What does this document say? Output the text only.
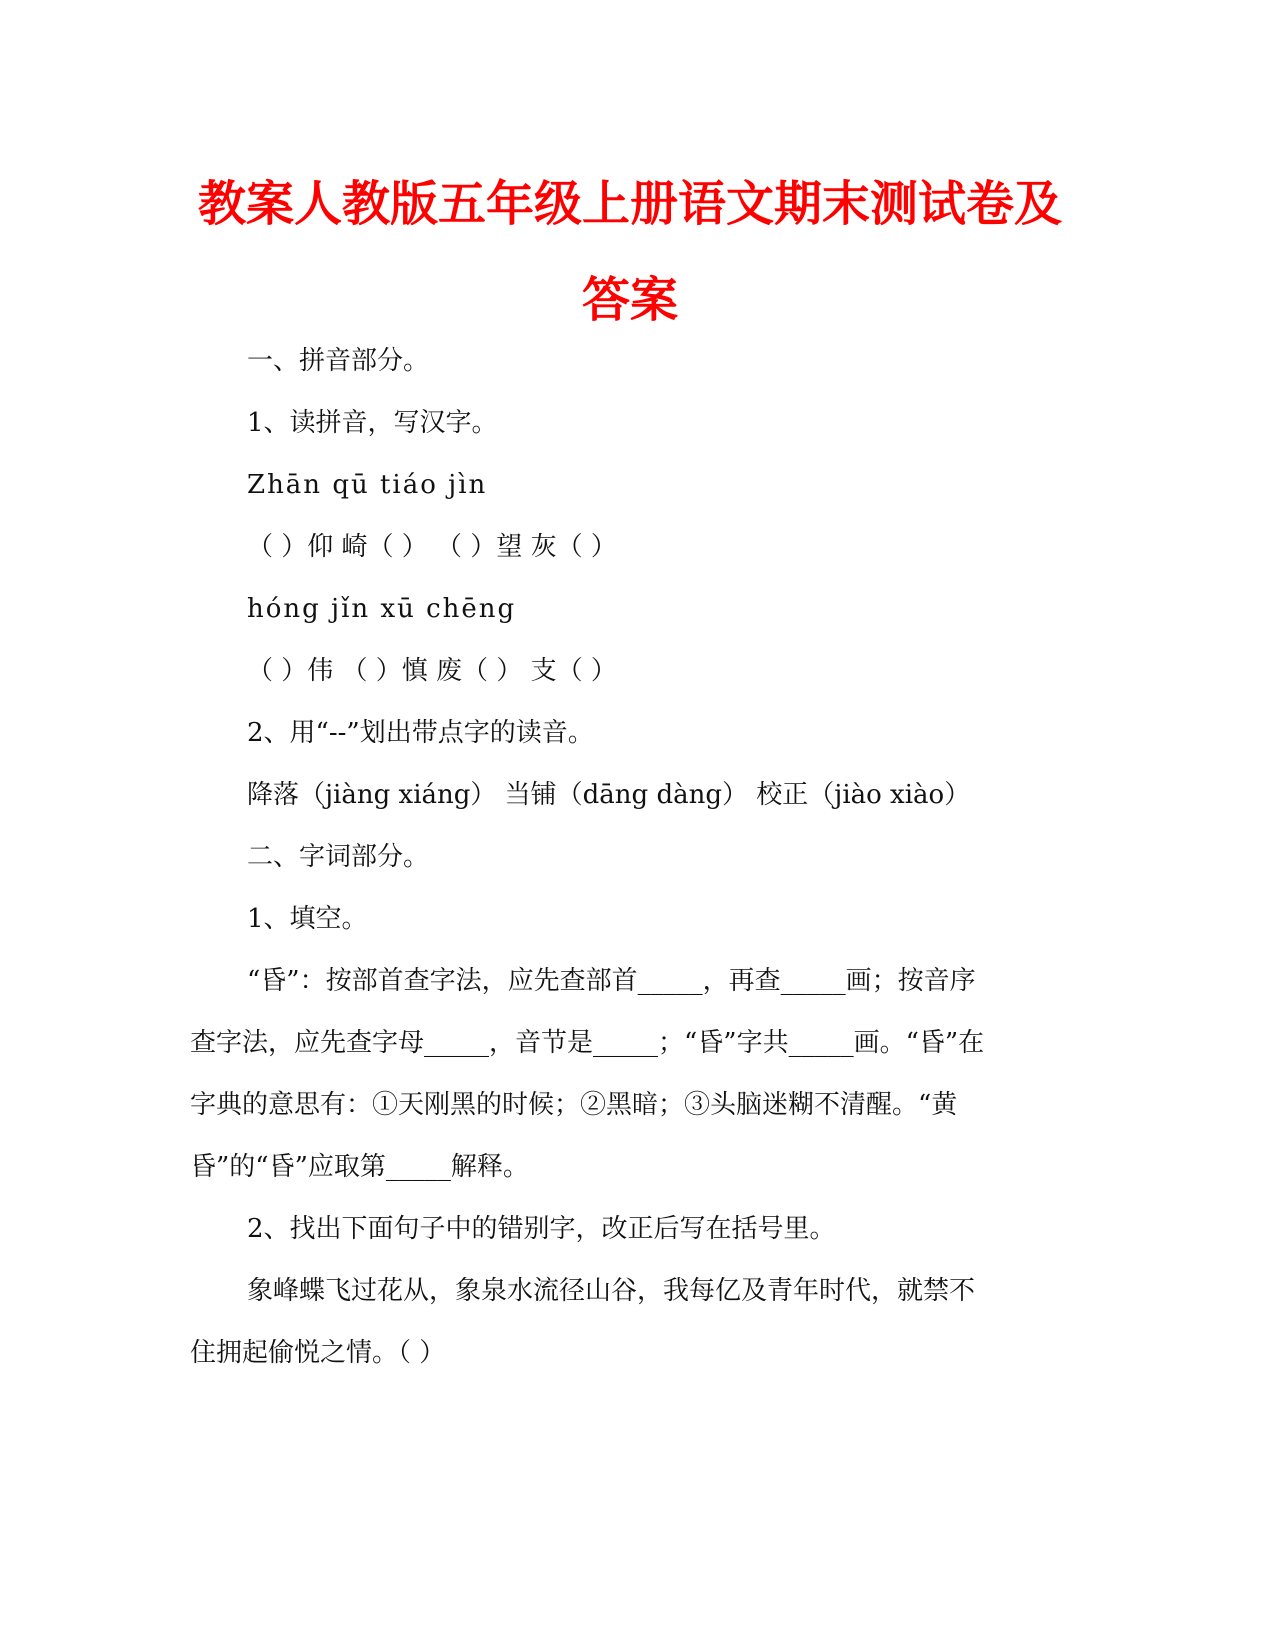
教案人教版五年级上册语文期末测试卷及
答案
一、拼音部分。
1、读拼音，写汉字。
Zhān qū tiáo jìn
（ ）仰 崎（ ） （ ）望 灰（ ）
hóng jǐn xū chēng
（ ）伟 （ ）慎 废（ ） 支（ ）
2、用“--”划出带点字的读音。
降落（jiàng xiáng） 当铺（dāng dàng） 校正（jiào xiào）
二、字词部分。
1、填空。
“昏”：按部首查字法，应先查部首_____，再查_____画；按音序
查字法，应先查字母_____，音节是_____；“昏”字共_____画。“昏”在
字典的意思有：①天刚黑的时候；②黑暗；③头脑迷糊不清醒。“黄
昏”的“昏”应取第_____解释。
2、找出下面句子中的错别字，改正后写在括号里。
象峰蝶飞过花从，象泉水流径山谷，我每亿及青年时代，就禁不
住拥起偷悦之情。（ ）
